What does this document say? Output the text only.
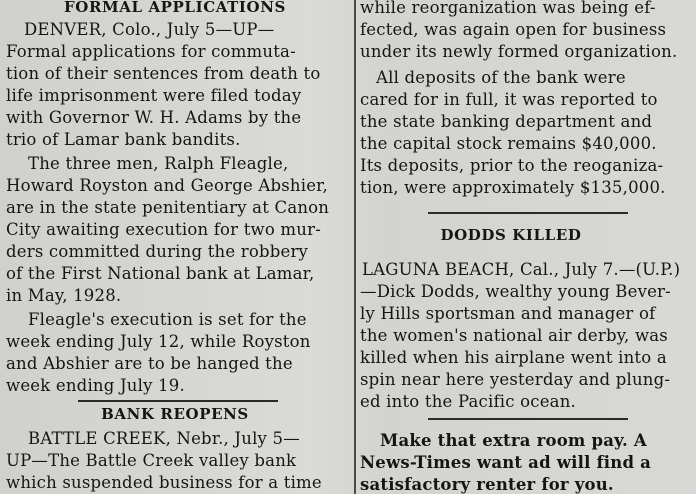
FORMAL APPLICATIONS
DENVER, Colo., July 5—UP—
Formal applications for commuta-
tion of their sentences from death to
life imprisonment were filed today
with Governor W. H. Adams by the
trio of Lamar bank bandits.
The three men, Ralph Fleagle,
Howard Royston and George Abshier,
are in the state penitentiary at Canon
City awaiting execution for two mur-
ders committed during the robbery
of the First National bank at Lamar,
in May, 1928.
Fleagle's execution is set for the
week ending July 12, while Royston
and Abshier are to be hanged the
week ending July 19.
BANK REOPENS
BATTLE CREEK, Nebr., July 5—
UP—The Battle Creek valley bank
which suspended business for a time
while reorganization was being ef-
fected, was again open for business
under its newly formed organization.
All deposits of the bank were
cared for in full, it was reported to
the state banking department and
the capital stock remains $40,000.
Its deposits, prior to the reoganiza-
tion, were approximately $135,000.
DODDS KILLED
LAGUNA BEACH, Cal., July 7.—(U.P.)
—Dick Dodds, wealthy young Bever-
ly Hills sportsman and manager of
the women's national air derby, was
killed when his airplane went into a
spin near here yesterday and plung-
ed into the Pacific ocean.
Make that extra room pay. A
News-Times want ad will find a
satisfactory renter for you.
